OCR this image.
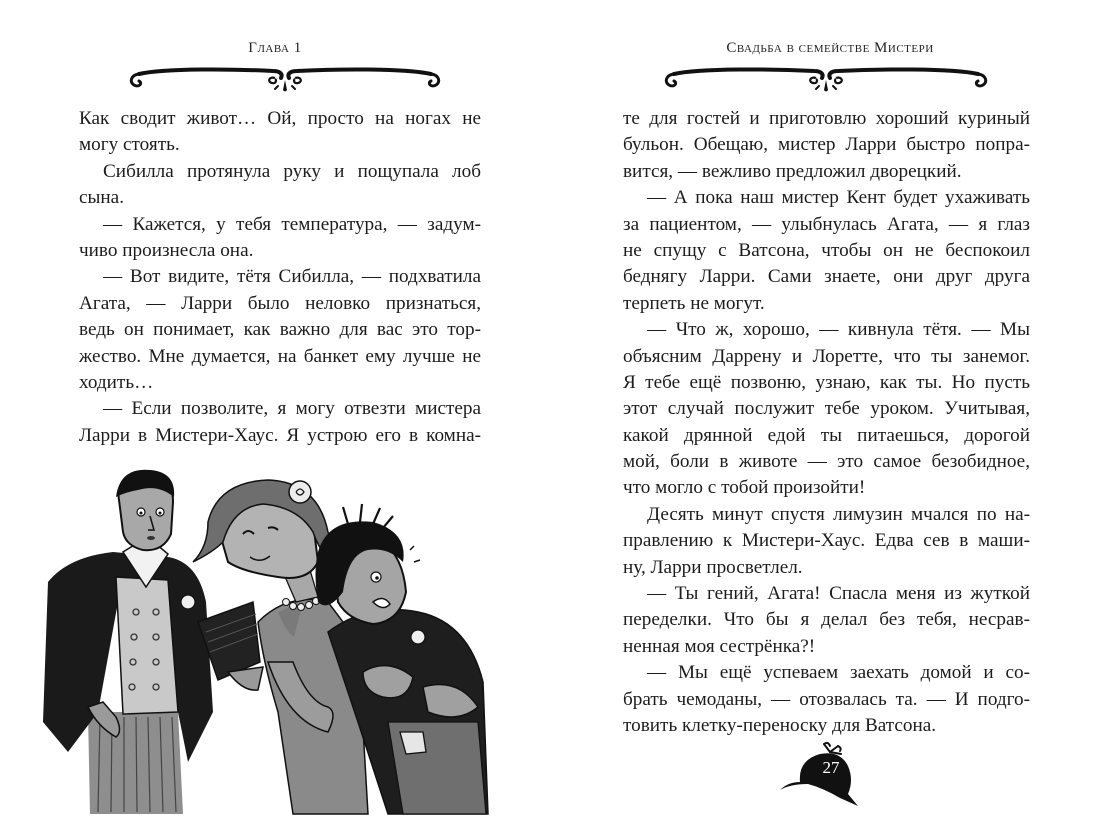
Глава 1
Как сводит живот… Ой, просто на ногах не
могу стоять.
Сибилла протянула руку и пощупала лоб
сына.
— Кажется, у тебя температура, — задум-
чиво произнесла она.
— Вот видите, тётя Сибилла, — подхватила
Агата, — Ларри было неловко признаться,
ведь он понимает, как важно для вас это тор-
жество. Мне думается, на банкет ему лучше не
ходить…
— Если позволите, я могу отвезти мистера
Ларри в Мистери-Хаус. Я устрою его в комна-
Свадьба в семействе Мистери
те для гостей и приготовлю хороший куриный
бульон. Обещаю, мистер Ларри быстро попра-
вится, — вежливо предложил дворецкий.
— А пока наш мистер Кент будет ухаживать
за пациентом, — улыбнулась Агата, — я глаз
не спущу с Ватсона, чтобы он не беспокоил
беднягу Ларри. Сами знаете, они друг друга
терпеть не могут.
— Что ж, хорошо, — кивнула тётя. — Мы
объясним Даррену и Лоретте, что ты занемог.
Я тебе ещё позвоню, узнаю, как ты. Но пусть
этот случай послужит тебе уроком. Учитывая,
какой дрянной едой ты питаешься, дорогой
мой, боли в животе — это самое безобидное,
что могло с тобой произойти!
Десять минут спустя лимузин мчался по на-
правлению к Мистери-Хаус. Едва сев в маши-
ну, Ларри просветлел.
— Ты гений, Агата! Спасла меня из жуткой
переделки. Что бы я делал без тебя, несрав-
ненная моя сестрёнка?!
— Мы ещё успеваем заехать домой и со-
брать чемоданы, — отозвалась та. — И подго-
товить клетку-переноску для Ватсона.
27
